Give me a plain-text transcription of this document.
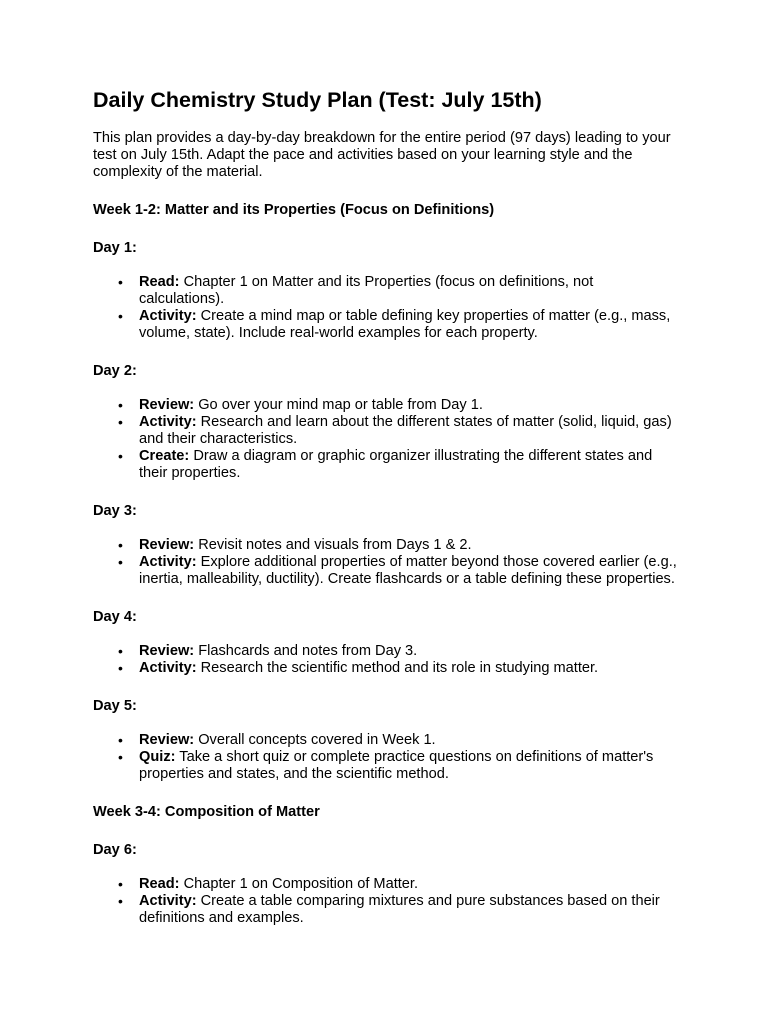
Daily Chemistry Study Plan (Test: July 15th)

This plan provides a day-by-day breakdown for the entire period (97 days) leading to your test on July 15th. Adapt the pace and activities based on your learning style and the complexity of the material.

Week 1-2: Matter and its Properties (Focus on Definitions)

Day 1:

• Read: Chapter 1 on Matter and its Properties (focus on definitions, not calculations).
• Activity: Create a mind map or table defining key properties of matter (e.g., mass, volume, state). Include real-world examples for each property.

Day 2:

• Review: Go over your mind map or table from Day 1.
• Activity: Research and learn about the different states of matter (solid, liquid, gas) and their characteristics.
• Create: Draw a diagram or graphic organizer illustrating the different states and their properties.

Day 3:

• Review: Revisit notes and visuals from Days 1 & 2.
• Activity: Explore additional properties of matter beyond those covered earlier (e.g., inertia, malleability, ductility). Create flashcards or a table defining these properties.

Day 4:

• Review: Flashcards and notes from Day 3.
• Activity: Research the scientific method and its role in studying matter.

Day 5:

• Review: Overall concepts covered in Week 1.
• Quiz: Take a short quiz or complete practice questions on definitions of matter's properties and states, and the scientific method.

Week 3-4: Composition of Matter

Day 6:

• Read: Chapter 1 on Composition of Matter.
• Activity: Create a table comparing mixtures and pure substances based on their definitions and examples.
